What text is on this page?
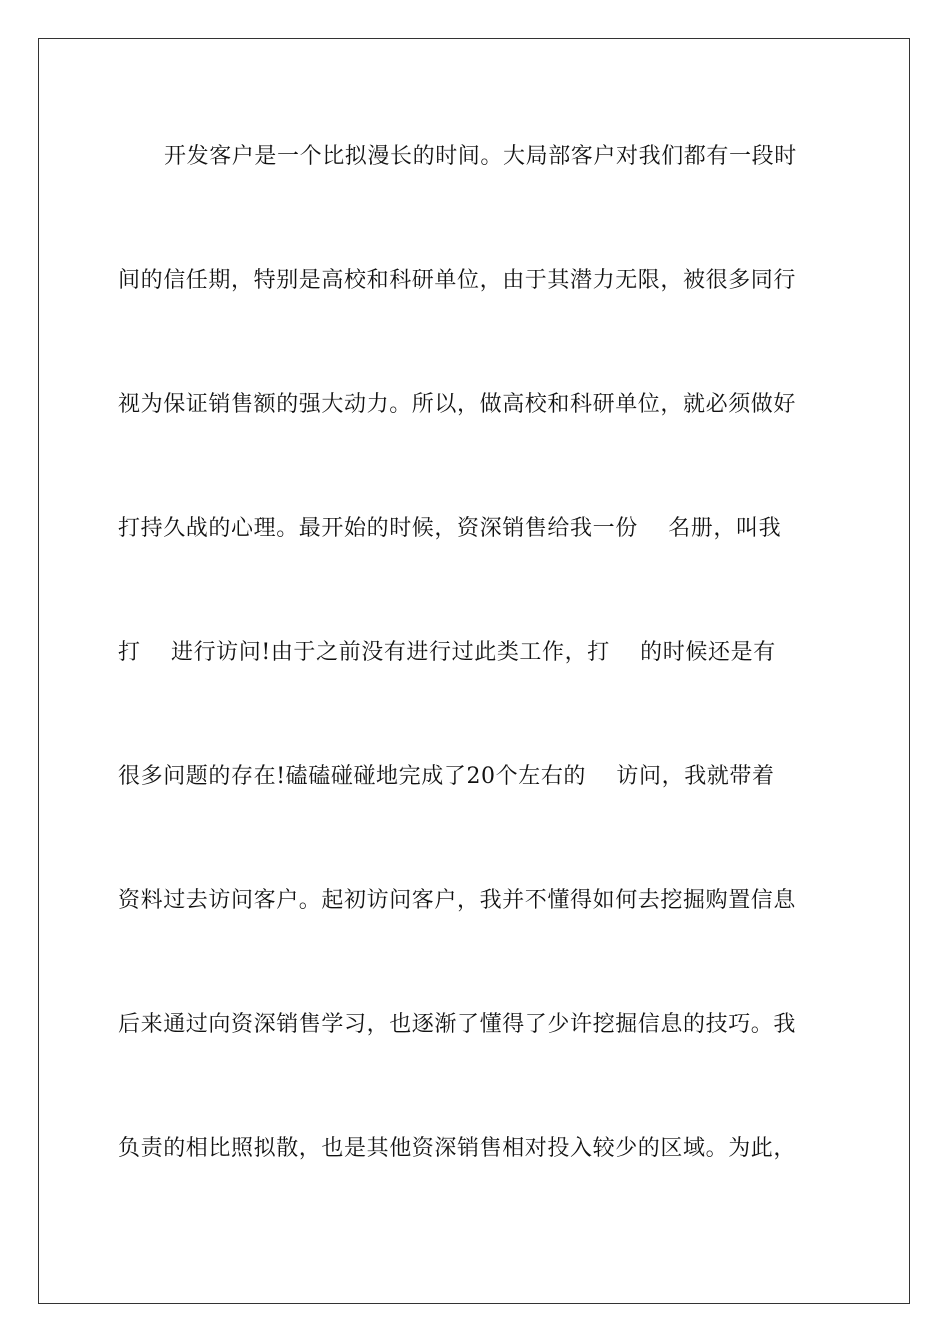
开发客户是一个比拟漫长的时间。大局部客户对我们都有一段时
间的信任期，特别是高校和科研单位，由于其潜力无限，被很多同行
视为保证销售额的强大动力。所以，做高校和科研单位，就必须做好
打持久战的心理。最开始的时候，资深销售给我一份    名册，叫我
打    进行访问!由于之前没有进行过此类工作，打    的时候还是有
很多问题的存在!磕磕碰碰地完成了20个左右的    访问，我就带着
资料过去访问客户。起初访问客户，我并不懂得如何去挖掘购置信息
后来通过向资深销售学习，也逐渐了懂得了少许挖掘信息的技巧。我
负责的相比照拟散，也是其他资深销售相对投入较少的区域。为此，
